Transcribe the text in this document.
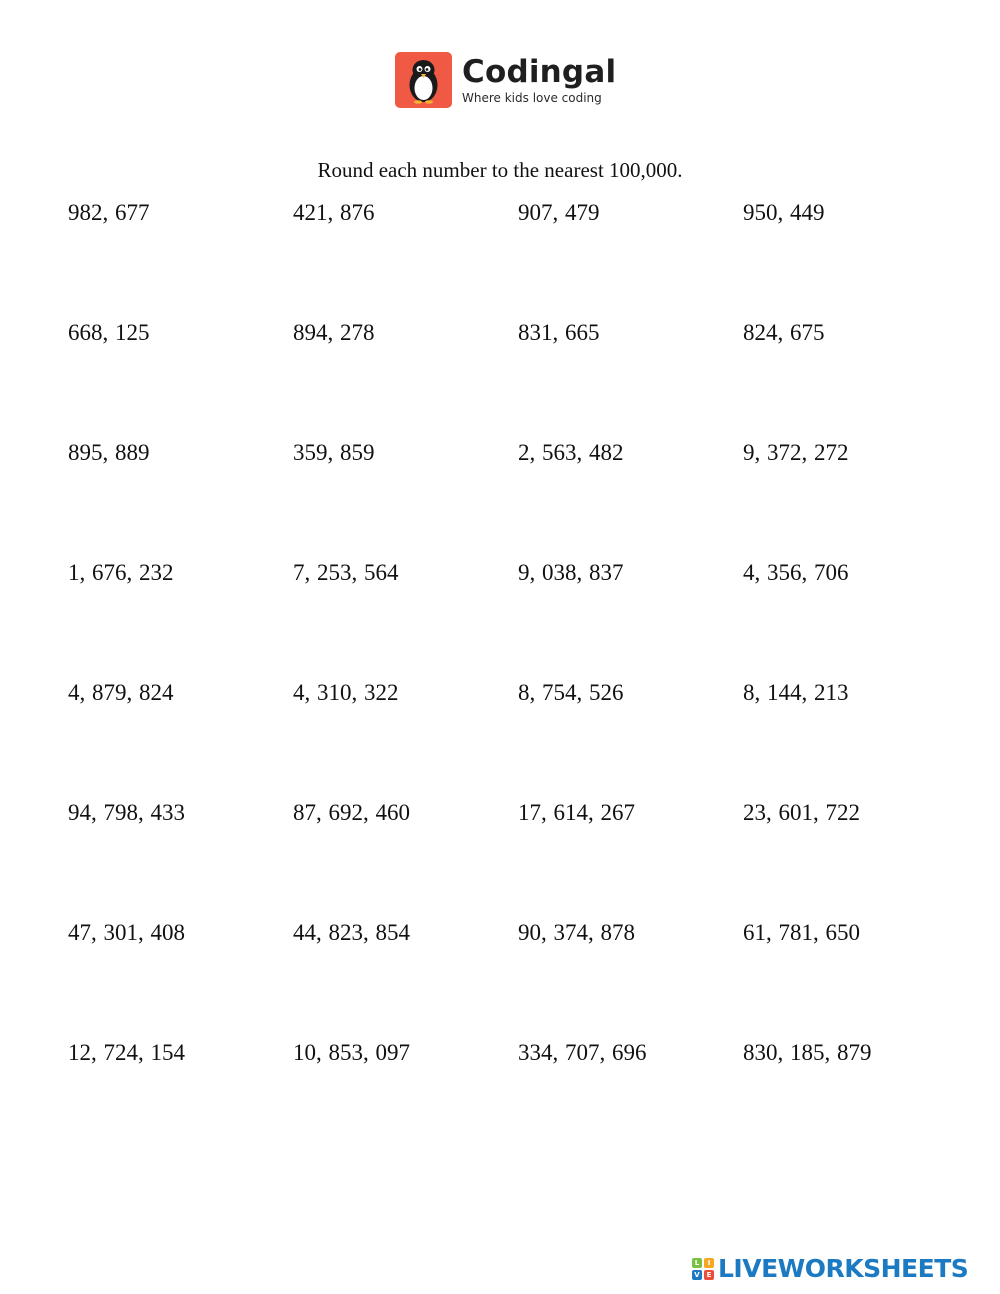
Codingal
Where kids love coding
Round each number to the nearest 100,000.
982, 677	421, 876	907, 479	950, 449
668, 125	894, 278	831, 665	824, 675
895, 889	359, 859	2, 563, 482	9, 372, 272
1, 676, 232	7, 253, 564	9, 038, 837	4, 356, 706
4, 879, 824	4, 310, 322	8, 754, 526	8, 144, 213
94, 798, 433	87, 692, 460	17, 614, 267	23, 601, 722
47, 301, 408	44, 823, 854	90, 374, 878	61, 781, 650
12, 724, 154	10, 853, 097	334, 707, 696	830, 185, 879
L	I
V E LIVEWORKSHEETS
